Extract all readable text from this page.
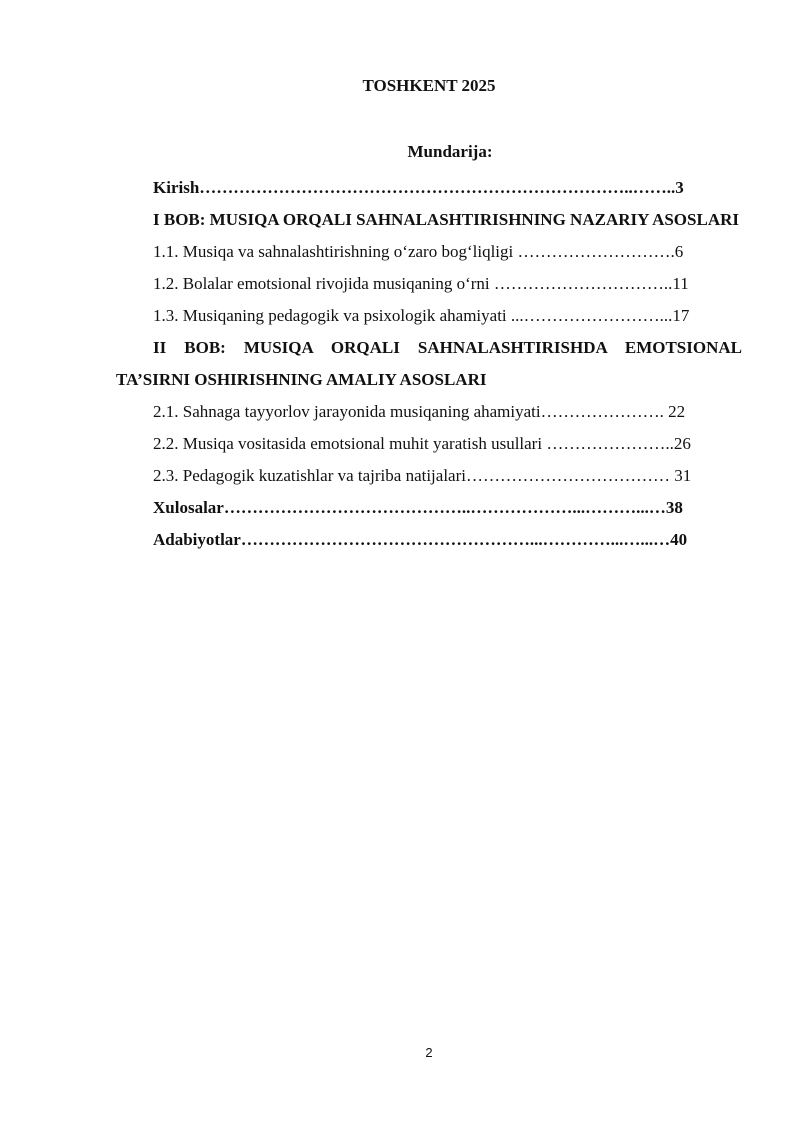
TOSHKENT 2025
Mundarija:
Kirish…………………………………………………………………..……..3
I BOB: MUSIQA ORQALI SAHNALASHTIRISHNING NAZARIY ASOSLARI
1.1. Musiqa va sahnalashtirishning o‘zaro bog‘liqligi ……………………….6
1.2. Bolalar emotsional rivojida musiqaning o‘rni …………………………..11
1.3. Musiqaning pedagogik va psixologik ahamiyati ...……………………...17
II BOB: MUSIQA ORQALI SAHNALASHTIRISHDA EMOTSIONAL TA’SIRNI OSHIRISHNING AMALIY ASOSLARI
2.1. Sahnaga tayyorlov jarayonida musiqaning ahamiyati…………………. 22
2.2. Musiqa vositasida emotsional muhit yaratish usullari …………………..26
2.3. Pedagogik kuzatishlar va tajriba natijalari……………………………… 31
Xulosalar……………………………………..………………...………...…38
Adabiyotlar……………………………………………...…………...…...…40
2
